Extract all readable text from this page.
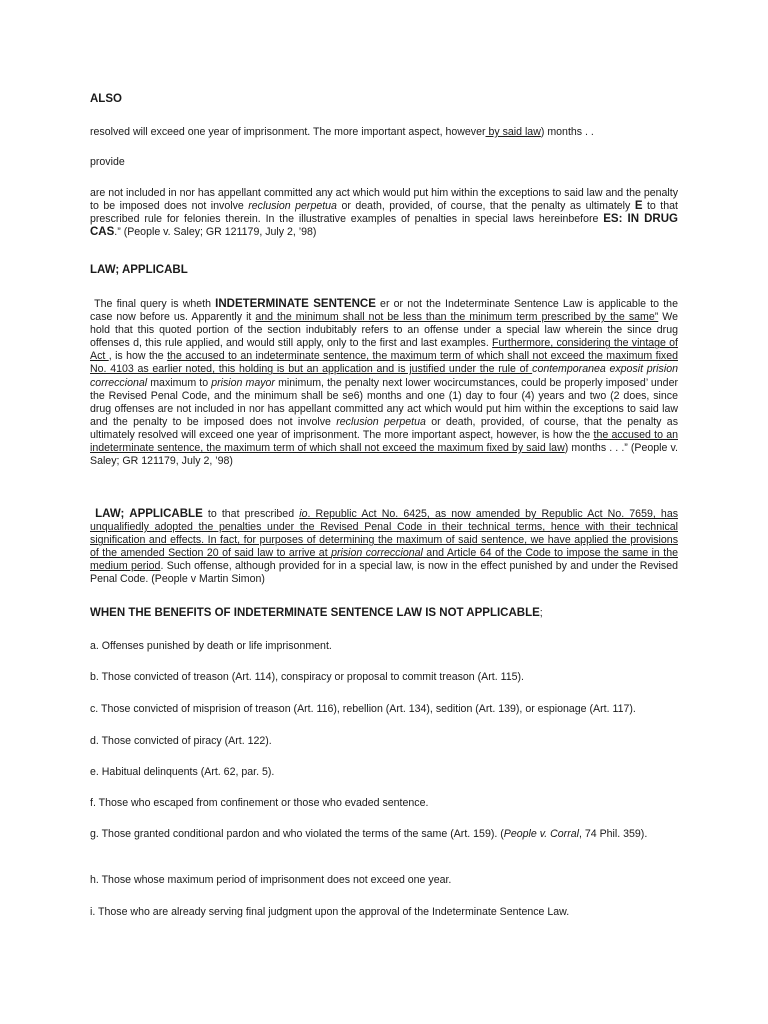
ALSO

resolved will exceed one year of imprisonment. The more important aspect, however by said law) months . .

provide

are not included in nor has appellant committed any act which would put him within the exceptions to said law and the penalty to be imposed does not involve reclusion perpetua or death, provided, of course, that the penalty as ultimately E to that prescribed rule for felonies therein. In the illustrative examples of penalties in special laws hereinbefore ES: IN DRUG CAS.” (People v. Saley; GR 121179, July 2, ’98)

LAW; APPLICABL

The final query is wheth INDETERMINATE SENTENCE er or not the Indeterminate Sentence Law is applicable to the case now before us. Apparently it and the minimum shall not be less than the minimum term prescribed by the same” We hold that this quoted portion of the section indubitably refers to an offense under a special law wherein the since drug offenses d, this rule applied, and would still apply, only to the first and last examples. Furthermore, considering the vintage of Act , is how the the accused to an indeterminate sentence, the maximum term of which shall not exceed the maximum fixed No. 4103 as earlier noted, this holding is but an application and is justified under the rule of contemporanea exposit prision correccional maximum to prision mayor minimum, the penalty next lower wocircumstances, could be properly imposed’ under the Revised Penal Code, and the minimum shall be se6) months and one (1) day to four (4) years and two (2 does, since drug offenses are not included in nor has appellant committed any act which would put him within the exceptions to said law and the penalty to be imposed does not involve reclusion perpetua or death, provided, of course, that the penalty as ultimately resolved will exceed one year of imprisonment. The more important aspect, however, is how the the accused to an indeterminate sentence, the maximum term of which shall not exceed the maximum fixed by said law) months . . .” (People v. Saley; GR 121179, July 2, ’98)

LAW; APPLICABLE to that prescribed io. Republic Act No. 6425, as now amended by Republic Act No. 7659, has unqualifiedly adopted the penalties under the Revised Penal Code in their technical terms, hence with their technical signification and effects. In fact, for purposes of determining the maximum of said sentence, we have applied the provisions of the amended Section 20 of said law to arrive at prision correccional and Article 64 of the Code to impose the same in the medium period. Such offense, although provided for in a special law, is now in the effect punished by and under the Revised Penal Code. (People v Martin Simon)

WHEN THE BENEFITS OF INDETERMINATE SENTENCE LAW IS NOT APPLICABLE;

a. Offenses punished by death or life imprisonment.

b. Those convicted of treason (Art. 114), conspiracy or proposal to commit treason (Art. 115).

c. Those convicted of misprision of treason (Art. 116), rebellion (Art. 134), sedition (Art. 139), or espionage (Art. 117).

d. Those convicted of piracy (Art. 122).

e. Habitual delinquents (Art. 62, par. 5).

f. Those who escaped from confinement or those who evaded sentence.

g. Those granted conditional pardon and who violated the terms of the same (Art. 159). (People v. Corral, 74 Phil. 359).

h. Those whose maximum period of imprisonment does not exceed one year.

i. Those who are already serving final judgment upon the approval of the Indeterminate Sentence Law.
